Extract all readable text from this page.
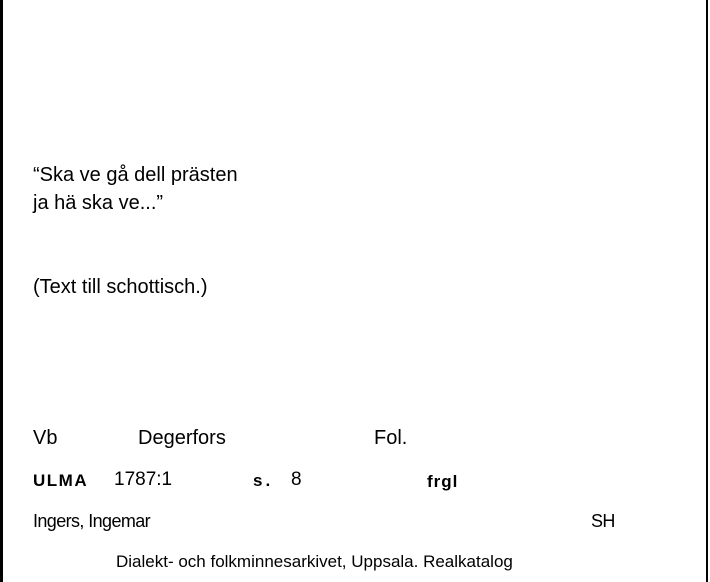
“Ska ve gå dell prästen
ja hä ska ve...”
(Text till schottisch.)
Vb	Degerfors	Fol.
ULMA 1787:1	s. 8	frgl
Ingers, Ingemar	SH
Dialekt- och folkminnesarkivet, Uppsala. Realkatalog
